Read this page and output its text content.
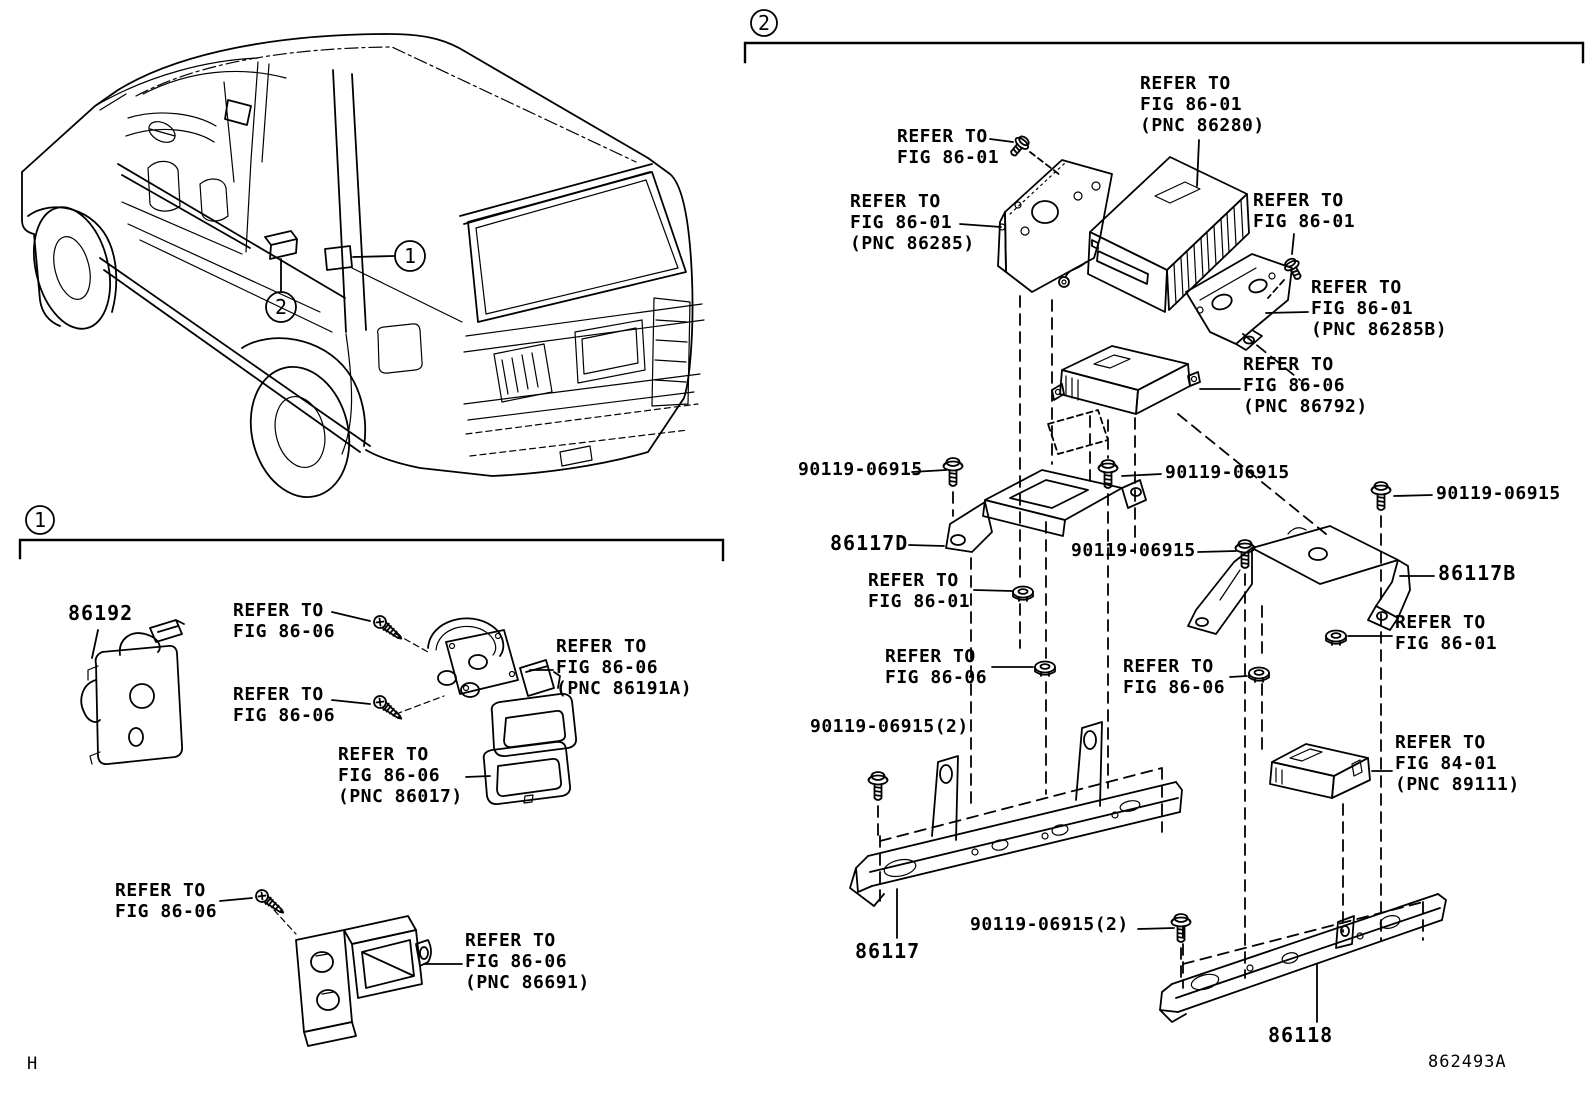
1
2
1
2
86192	REFER TO
FIG 86-06
REFER TO
FIG 86-06
REFER TO
FIG 86-06
(PNC 86191A)
REFER TO
FIG 86-06
(PNC 86017)
REFER TO
FIG 86-06
REFER TO
FIG 86-06
(PNC 86691)
REFER TO
FIG 86-01
REFER TO
FIG 86-01
(PNC 86285)
REFER TO
FIG 86-01
(PNC 86280)
REFER TO
FIG 86-01
REFER TO
FIG 86-01
(PNC 86285B)
REFER TO
FIG 86-06
(PNC 86792)
90119-06915	90119-06915
90119-06915
86117D	90119-06915
REFER TO
FIG 86-01
86117B
REFER TO
FIG 86-01
REFER TO
FIG 86-06
REFER TO
FIG 86-06
90119-06915(2)
REFER TO
FIG 84-01
(PNC 89111)
90119-06915(2)
86117
86118
H	862493A
